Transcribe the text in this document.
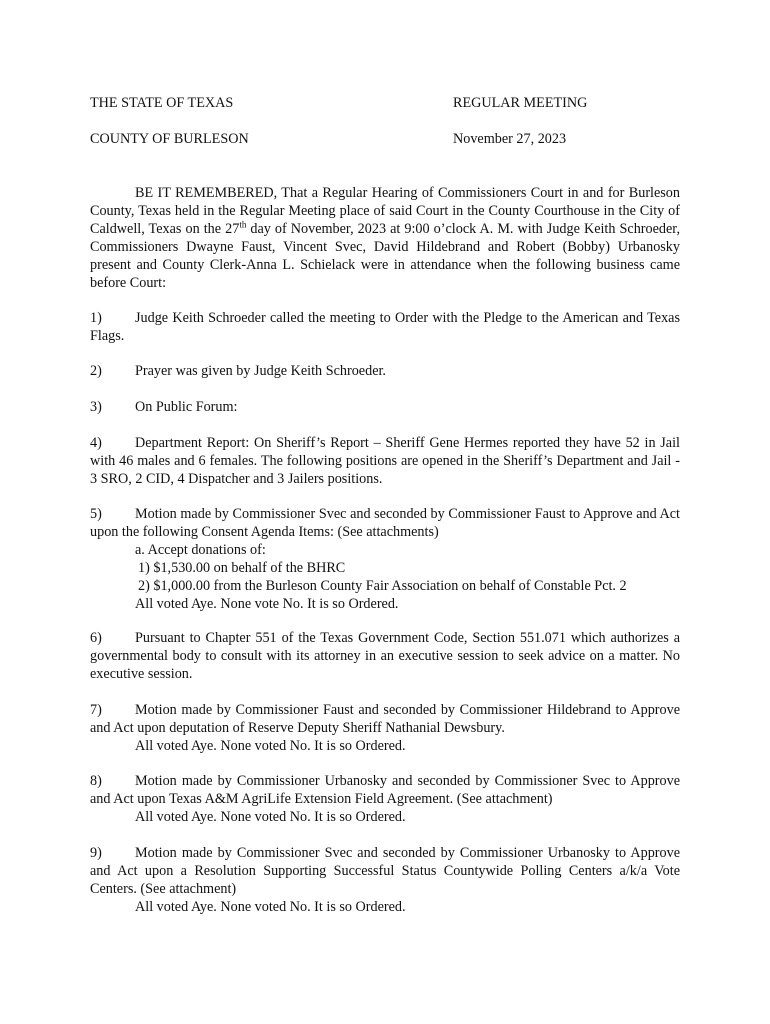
THE STATE OF TEXAS	REGULAR MEETING
COUNTY OF BURLESON	November 27, 2023
BE IT REMEMBERED, That a Regular Hearing of Commissioners Court in and for Burleson County, Texas held in the Regular Meeting place of said Court in the County Courthouse in the City of Caldwell, Texas on the 27th day of November, 2023 at 9:00 o’clock A. M. with Judge Keith Schroeder, Commissioners Dwayne Faust, Vincent Svec, David Hildebrand and Robert (Bobby) Urbanosky present and County Clerk-Anna L. Schielack were in attendance when the following business came before Court:
1) Judge Keith Schroeder called the meeting to Order with the Pledge to the American and Texas Flags.
2) Prayer was given by Judge Keith Schroeder.
3) On Public Forum:
4) Department Report: On Sheriff’s Report – Sheriff Gene Hermes reported they have 52 in Jail with 46 males and 6 females. The following positions are opened in the Sheriff’s Department and Jail - 3 SRO, 2 CID, 4 Dispatcher and 3 Jailers positions.
5) Motion made by Commissioner Svec and seconded by Commissioner Faust to Approve and Act upon the following Consent Agenda Items: (See attachments)
a. Accept donations of:
1) $1,530.00 on behalf of the BHRC
2) $1,000.00 from the Burleson County Fair Association on behalf of Constable Pct. 2
All voted Aye. None vote No. It is so Ordered.
6) Pursuant to Chapter 551 of the Texas Government Code, Section 551.071 which authorizes a governmental body to consult with its attorney in an executive session to seek advice on a matter. No executive session.
7) Motion made by Commissioner Faust and seconded by Commissioner Hildebrand to Approve and Act upon deputation of Reserve Deputy Sheriff Nathanial Dewsbury.
All voted Aye. None voted No. It is so Ordered.
8) Motion made by Commissioner Urbanosky and seconded by Commissioner Svec to Approve and Act upon Texas A&M AgriLife Extension Field Agreement. (See attachment)
All voted Aye. None voted No. It is so Ordered.
9) Motion made by Commissioner Svec and seconded by Commissioner Urbanosky to Approve and Act upon a Resolution Supporting Successful Status Countywide Polling Centers a/k/a Vote Centers. (See attachment)
All voted Aye. None voted No. It is so Ordered.
